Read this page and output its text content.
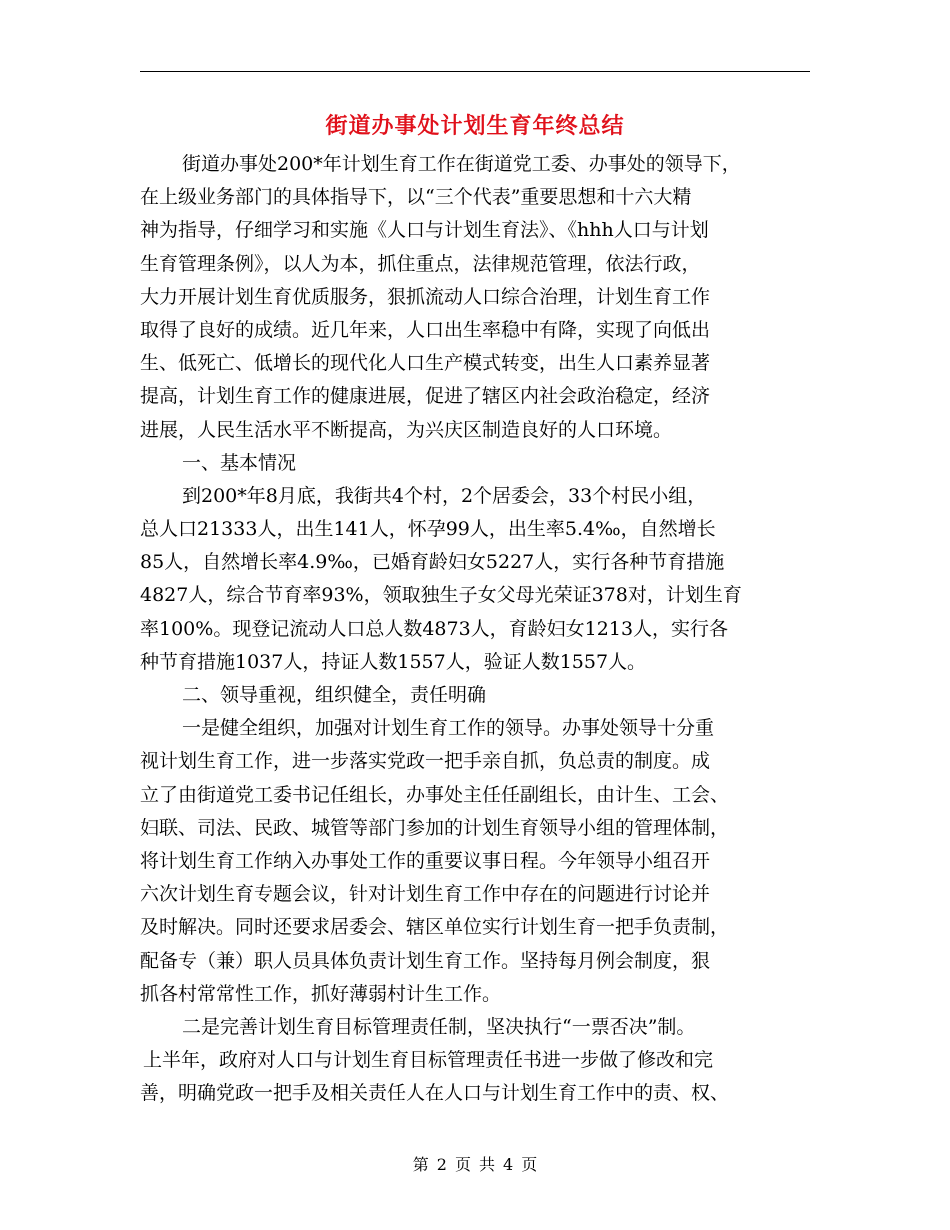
街道办事处计划生育年终总结
街道办事处200*年计划生育工作在街道党工委、办事处的领导下，
在上级业务部门的具体指导下，以“三个代表”重要思想和十六大精
神为指导，仔细学习和实施《人口与计划生育法》、《hhh人口与计划
生育管理条例》，以人为本，抓住重点，法律规范管理，依法行政，
大力开展计划生育优质服务，狠抓流动人口综合治理，计划生育工作
取得了良好的成绩。近几年来，人口出生率稳中有降，实现了向低出
生、低死亡、低增长的现代化人口生产模式转变，出生人口素养显著
提高，计划生育工作的健康进展，促进了辖区内社会政治稳定，经济
进展，人民生活水平不断提高，为兴庆区制造良好的人口环境。
一、基本情况
到200*年8月底，我街共4个村，2个居委会，33个村民小组，
总人口21333人，出生141人，怀孕99人，出生率5.4‰，自然增长
85人，自然增长率4.9‰，已婚育龄妇女5227人，实行各种节育措施
4827人，综合节育率93%，领取独生子女父母光荣证378对，计划生育
率100%。现登记流动人口总人数4873人，育龄妇女1213人，实行各
种节育措施1037人，持证人数1557人，验证人数1557人。
二、领导重视，组织健全，责任明确
一是健全组织，加强对计划生育工作的领导。办事处领导十分重
视计划生育工作，进一步落实党政一把手亲自抓，负总责的制度。成
立了由街道党工委书记任组长，办事处主任任副组长，由计生、工会、
妇联、司法、民政、城管等部门参加的计划生育领导小组的管理体制，
将计划生育工作纳入办事处工作的重要议事日程。今年领导小组召开
六次计划生育专题会议，针对计划生育工作中存在的问题进行讨论并
及时解决。同时还要求居委会、辖区单位实行计划生育一把手负责制，
配备专（兼）职人员具体负责计划生育工作。坚持每月例会制度，狠
抓各村常常性工作，抓好薄弱村计生工作。
二是完善计划生育目标管理责任制，坚决执行“一票否决”制。
上半年，政府对人口与计划生育目标管理责任书进一步做了修改和完
善，明确党政一把手及相关责任人在人口与计划生育工作中的责、权、
第 2 页 共 4 页
